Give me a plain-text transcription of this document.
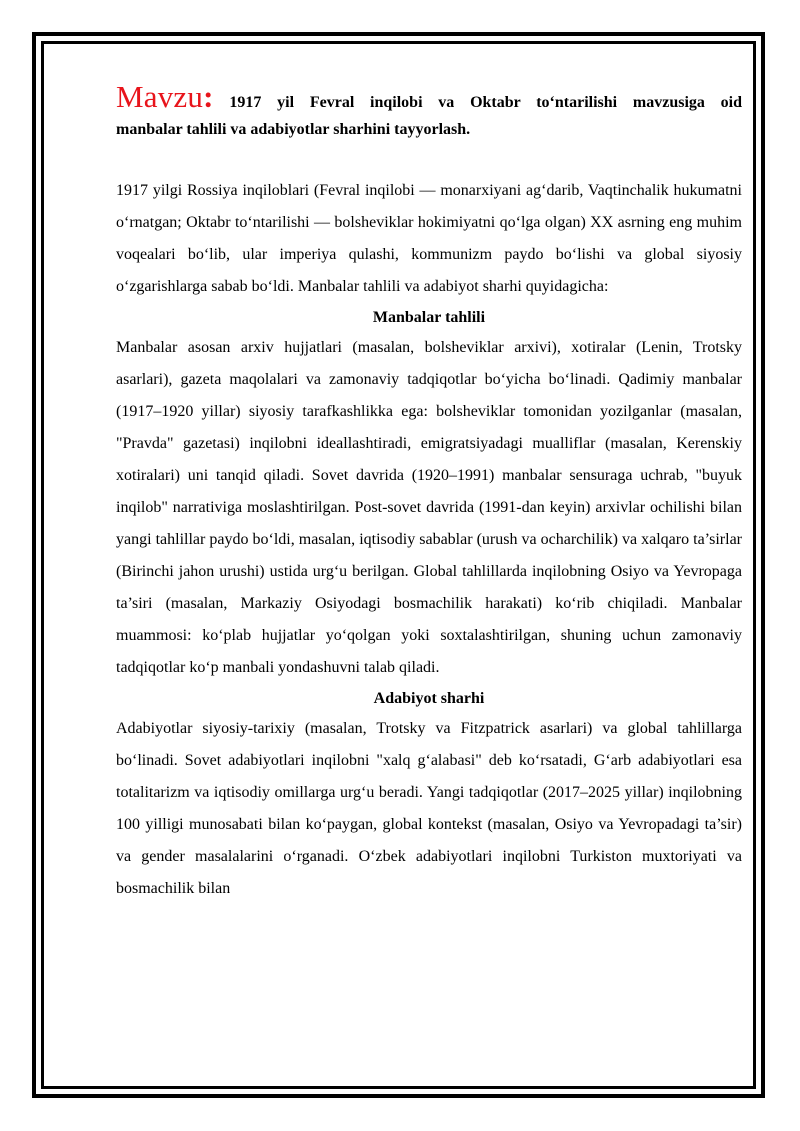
Mavzu: 1917 yil Fevral inqilobi va Oktabr to‘ntarilishi mavzusiga oid

manbalar tahlili va adabiyotlar sharhini tayyorlash.

1917 yilgi Rossiya inqiloblari (Fevral inqilobi — monarxiyani ag‘darib, Vaqtinchalik hukumatni o‘rnatgan; Oktabr to‘ntarilishi — bolsheviklar hokimiyatni qo‘lga olgan) XX asrning eng muhim voqealari bo‘lib, ular imperiya qulashi, kommunizm paydo bo‘lishi va global siyosiy o‘zgarishlarga sabab bo‘ldi. Manbalar tahlili va adabiyot sharhi quyidagicha:

Manbalar tahlili

Manbalar asosan arxiv hujjatlari (masalan, bolsheviklar arxivi), xotiralar (Lenin, Trotsky asarlari), gazeta maqolalari va zamonaviy tadqiqotlar bo‘yicha bo‘linadi. Qadimiy manbalar (1917–1920 yillar) siyosiy tarafkashlikka ega: bolsheviklar tomonidan yozilganlar (masalan, "Pravda" gazetasi) inqilobni ideallashtiradi, emigratsiyadagi mualliflar (masalan, Kerenskiy xotiralari) uni tanqid qiladi. Sovet davrida (1920–1991) manbalar sensuraga uchrab, "buyuk inqilob" narrativiga moslashtirilgan. Post-sovet davrida (1991-dan keyin) arxivlar ochilishi bilan yangi tahlillar paydo bo‘ldi, masalan, iqtisodiy sabablar (urush va ocharchilik) va xalqaro ta’sirlar (Birinchi jahon urushi) ustida urg‘u berilgan. Global tahlillarda inqilobning Osiyo va Yevropaga ta’siri (masalan, Markaziy Osiyodagi bosmachilik harakati) ko‘rib chiqiladi. Manbalar muammosi: ko‘plab hujjatlar yo‘qolgan yoki soxtalashtirilgan, shuning uchun zamonaviy tadqiqotlar ko‘p manbali yondashuvni talab qiladi.

Adabiyot sharhi

Adabiyotlar siyosiy-tarixiy (masalan, Trotsky va Fitzpatrick asarlari) va global tahlillarga bo‘linadi. Sovet adabiyotlari inqilobni "xalq g‘alabasi" deb ko‘rsatadi, G‘arb adabiyotlari esa totalitarizm va iqtisodiy omillarga urg‘u beradi. Yangi tadqiqotlar (2017–2025 yillar) inqilobning 100 yilligi munosabati bilan ko‘paygan, global kontekst (masalan, Osiyo va Yevropadagi ta’sir) va gender masalalarini o‘rganadi. O‘zbek adabiyotlari inqilobni Turkiston muxtoriyati va bosmachilik bilan
